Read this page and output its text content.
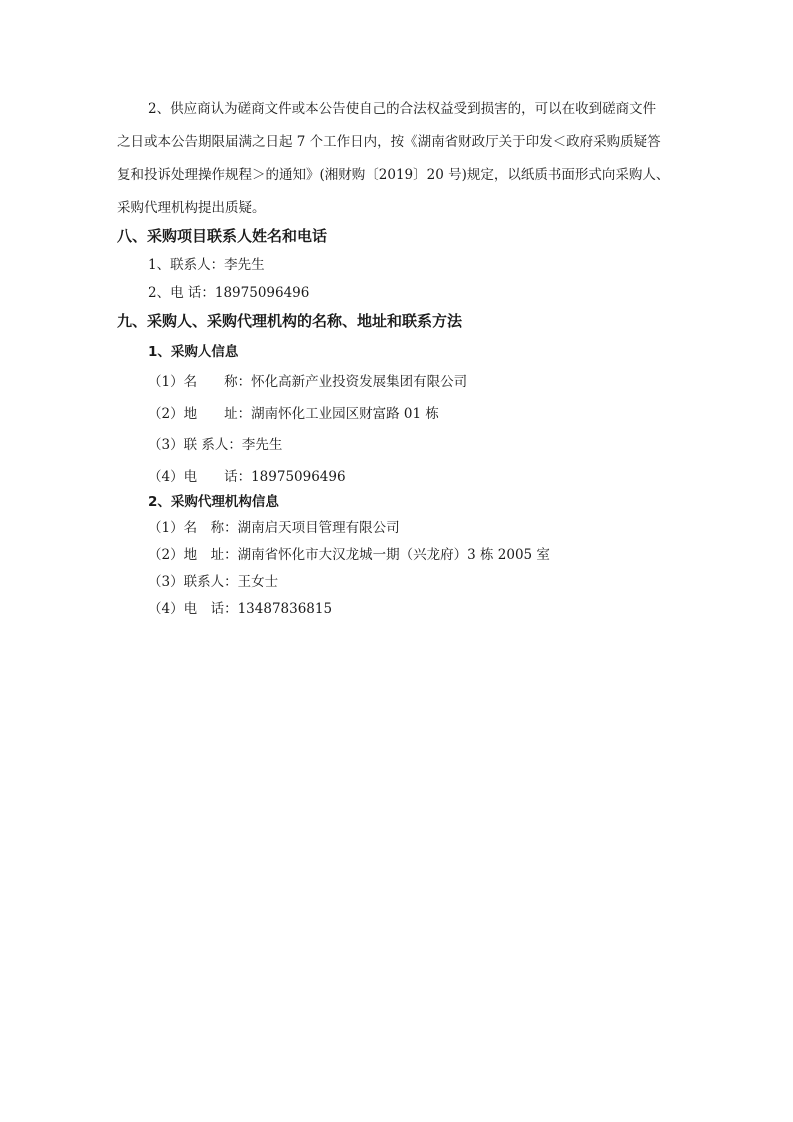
2、供应商认为磋商文件或本公告使自己的合法权益受到损害的，可以在收到磋商文件
之日或本公告期限届满之日起 7 个工作日内，按《湖南省财政厅关于印发＜政府采购质疑答
复和投诉处理操作规程＞的通知》(湘财购〔2019〕20 号)规定，以纸质书面形式向采购人、
采购代理机构提出质疑。
八、采购项目联系人姓名和电话
1、联系人：李先生
2、电 话：18975096496
九、采购人、采购代理机构的名称、地址和联系方法
1、采购人信息
（1）名　　称：怀化高新产业投资发展集团有限公司
（2）地　　址：湖南怀化工业园区财富路 01 栋
（3）联 系人：李先生
（4）电　　话：18975096496
2、采购代理机构信息
（1）名　称：湖南启天项目管理有限公司
（2）地　址：湖南省怀化市大汉龙城一期（兴龙府）3 栋 2005 室
（3）联系人：王女士
（4）电　话：13487836815
